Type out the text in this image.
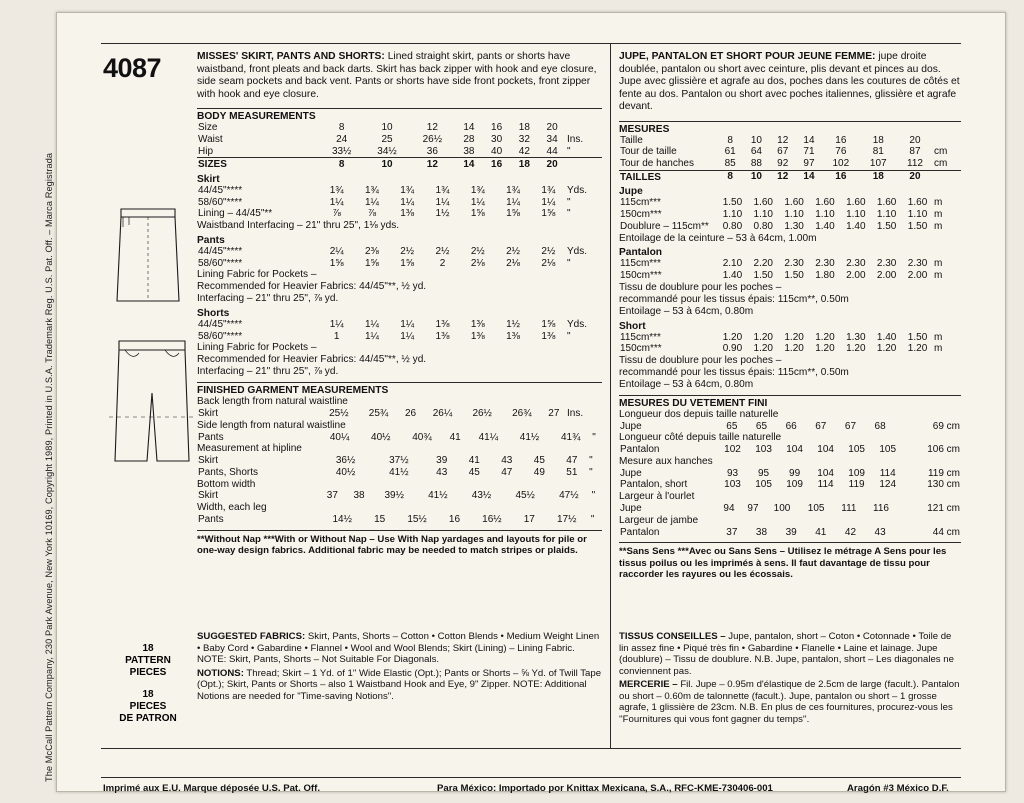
The McCall Pattern Company, 230 Park Avenue, New York 10169, Copyright 1989, Printed in U.S.A. Trademark Reg. U.S. Pat. Off. – Marca Registrada
4087	MISSES' SKIRT, PANTS AND SHORTS: Lined straight skirt, pants or shorts have waistband, front pleats and back darts. Skirt has back zipper with hook and eye closure, side seam pockets and back vent. Pants or shorts have side front pockets, front zipper with hook and eye closure.
BODY MEASUREMENTS
Size	8	10	12	14	16	18	20	
Waist	24	25	26½	28	30	32	34	Ins.
Hip	33½	34½	36	38	40	42	44	"
SIZES	8	10	12	14	16	18	20	
Skirt
44/45"****	1¾	1¾	1¾	1¾	1¾	1¾	1¾	Yds.
58/60"****	1¼	1¼	1¼	1¼	1¼	1¼	1¼	"
Lining – 44/45"**	⅞	⅞	1⅜	1½	1⅝	1⅝	1⅝	"
Waistband Interfacing – 21" thru 25", 1⅛ yds.
Pants
44/45"****	2¼	2⅜	2½	2½	2½	2½	2½	Yds.
58/60"****	1⅝	1⅝	1⅝	2	2⅛	2⅛	2⅛	"
Lining Fabric for Pockets –
Recommended for Heavier Fabrics: 44/45"**, ½ yd.
Interfacing – 21" thru 25", ⅞ yd.
Shorts
44/45"****	1¼	1¼	1¼	1⅜	1⅜	1½	1⅝	Yds.
58/60"****	1	1¼	1¼	1⅜	1⅜	1⅜	1⅜	"
Lining Fabric for Pockets –
Recommended for Heavier Fabrics: 44/45"**, ½ yd.
Interfacing – 21" thru 25", ⅞ yd.
FINISHED GARMENT MEASUREMENTS
Back length from natural waistline
Skirt	25½	25¾	26	26¼	26½	26¾	27	Ins.
Side length from natural waistline
Pants	40¼	40½	40¾	41	41¼	41½	41¾	"
Measurement at hipline
Skirt	36½	37½	39	41	43	45	47	"
Pants, Shorts	40½	41½	43	45	47	49	51	"
Bottom width
Skirt	37	38	39½	41½	43½	45½	47½	"
Width, each leg
Pants	14½	15	15½	16	16½	17	17½	"
**Without Nap ***With or Without Nap – Use With Nap yardages and layouts for pile or one-way design fabrics. Additional fabric may be needed to match stripes or plaids.
SUGGESTED FABRICS: Skirt, Pants, Shorts – Cotton • Cotton Blends • Medium Weight Linen • Baby Cord • Gabardine • Flannel • Wool and Wool Blends; Skirt (Lining) – Lining Fabric. NOTE: Skirt, Pants, Shorts – Not Suitable For Diagonals.
NOTIONS: Thread; Skirt – 1 Yd. of 1" Wide Elastic (Opt.); Pants or Shorts – ⅝ Yd. of Twill Tape (Opt.); Skirt, Pants or Shorts – also 1 Waistband Hook and Eye, 9" Zipper. NOTE: Additional Notions are needed for "Time-saving Notions".
JUPE, PANTALON ET SHORT POUR JEUNE FEMME: jupe droite doublée, pantalon ou short avec ceinture, plis devant et pinces au dos. Jupe avec glissière et agrafe au dos, poches dans les coutures de côtés et fente au dos. Pantalon ou short avec poches italiennes, glissière et agrafe devant.
MESURES
Taille	8	10	12	14	16	18	20	
Tour de taille	61	64	67	71	76	81	87	cm
Tour de hanches	85	88	92	97	102	107	112	cm
TAILLES	8	10	12	14	16	18	20	
Jupe
115cm***	1.50	1.60	1.60	1.60	1.60	1.60	1.60	m
150cm***	1.10	1.10	1.10	1.10	1.10	1.10	1.10	m
Doublure – 115cm**	0.80	0.80	1.30	1.40	1.40	1.50	1.50	m
Entoilage de la ceinture – 53 à 64cm, 1.00m
Pantalon
115cm***	2.10	2.20	2.30	2.30	2.30	2.30	2.30	m
150cm***	1.40	1.50	1.50	1.80	2.00	2.00	2.00	m
Tissu de doublure pour les poches –
recommandé pour les tissus épais: 115cm**, 0.50m
Entoilage – 53 à 64cm, 0.80m
Short
115cm***	1.20	1.20	1.20	1.20	1.30	1.40	1.50	m
150cm***	0.90	1.20	1.20	1.20	1.20	1.20	1.20	m
Tissu de doublure pour les poches –
recommandé pour les tissus épais: 115cm**, 0.50m
Entoilage – 53 à 64cm, 0.80m
MESURES DU VETEMENT FINI
Longueur dos depuis taille naturelle
Jupe	65	65	66	67	67	68	69 cm
Longueur côté depuis taille naturelle
Pantalon	102	103	104	104	105	105	106 cm
Mesure aux hanches
Jupe	93	95	99	104	109	114	119 cm
Pantalon, short	103	105	109	114	119	124	130 cm
Largeur à l'ourlet
Jupe	94	97	100	105	111	116	121 cm
Largeur de jambe
Pantalon	37	38	39	41	42	43	44 cm
**Sans Sens ***Avec ou Sans Sens – Utilisez le métrage A Sens pour les tissus poilus ou les imprimés à sens. Il faut davantage de tissu pour raccorder les rayures ou les écossais.
TISSUS CONSEILLES – Jupe, pantalon, short – Coton • Cotonnade • Toile de lin assez fine • Piqué très fin • Gabardine • Flanelle • Laine et lainage. Jupe (doublure) – Tissu de doublure. N.B. Jupe, pantalon, short – Les diagonales ne conviennent pas.
MERCERIE – Fil. Jupe – 0.95m d'élastique de 2.5cm de large (facult.). Pantalon ou short – 0.60m de talonnette (facult.). Jupe, pantalon ou short – 1 grosse agrafe, 1 glissière de 23cm. N.B. En plus de ces fournitures, procurez-vous les ''Fournitures qui vous font gagner du temps''.
18
PATTERN
PIECES
18
PIECES
DE PATRON
Imprimé aux E.U. Marque déposée U.S. Pat. Off.	Para México: Importado por Knittax Mexicana, S.A., RFC-KME-730406-001	Aragón #3 México D.F.
